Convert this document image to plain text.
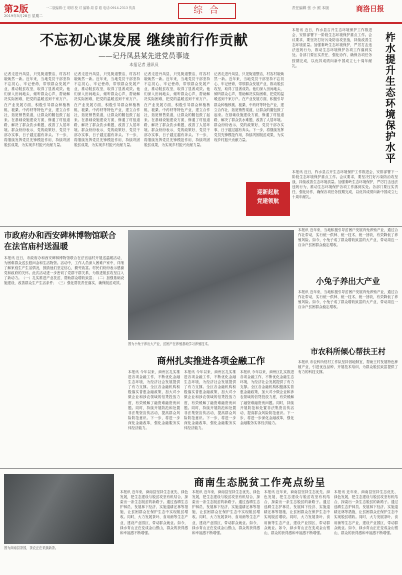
第2版
2019年5月28日 星期二
一二版编辑:王 明明 校 对 编辑:周 春 聪 电话:0914-2313 传真	综 合	责任编辑 张 小 照 本版	商洛日报
不忘初心谋发展 继续前行作贡献
——记丹凤县某先进党员事迹
本报记者 通讯员
记者走进丹凤县，只见街道整洁，村容村貌焕然一新。近年来，当地党员干部坚持不忘初心、牢记使命，带领群众发展产业，推动脱贫攻坚，取得了显著成效。他们深入田间地头，倾听群众心声，帮助解决实际困难，把党的温暖送到千家万户。在产业发展方面，积极引导群众种植核桃、板栗、中药材等特色产业，建立合作社，拓宽销售渠道，让群众的腰包鼓了起来。在基础设施建设方面，修通了村组道路，解决了群众饮水难题，改善了人居环境。群众纷纷表示，党的政策好，党员干部办实事，日子越过越有奔头。下一步，将继续发挥党员先锋模范作用，持续巩固脱贫成果，为实现乡村振兴贡献力量。
记者走进丹凤县，只见街道整洁，村容村貌焕然一新。近年来，当地党员干部坚持不忘初心、牢记使命，带领群众发展产业，推动脱贫攻坚，取得了显著成效。他们深入田间地头，倾听群众心声，帮助解决实际困难，把党的温暖送到千家万户。在产业发展方面，积极引导群众种植核桃、板栗、中药材等特色产业，建立合作社，拓宽销售渠道，让群众的腰包鼓了起来。在基础设施建设方面，修通了村组道路，解决了群众饮水难题，改善了人居环境。群众纷纷表示，党的政策好，党员干部办实事，日子越过越有奔头。下一步，将继续发挥党员先锋模范作用，持续巩固脱贫成果，为实现乡村振兴贡献力量。
记者走进丹凤县，只见街道整洁，村容村貌焕然一新。近年来，当地党员干部坚持不忘初心、牢记使命，带领群众发展产业，推动脱贫攻坚，取得了显著成效。他们深入田间地头，倾听群众心声，帮助解决实际困难，把党的温暖送到千家万户。在产业发展方面，积极引导群众种植核桃、板栗、中药材等特色产业，建立合作社，拓宽销售渠道，让群众的腰包鼓了起来。在基础设施建设方面，修通了村组道路，解决了群众饮水难题，改善了人居环境。群众纷纷表示，党的政策好，党员干部办实事，日子越过越有奔头。下一步，将继续发挥党员先锋模范作用，持续巩固脱贫成果，为实现乡村振兴贡献力量。
记者走进丹凤县，只见街道整洁，村容村貌焕然一新。近年来，当地党员干部坚持不忘初心、牢记使命，带领群众发展产业，推动脱贫攻坚，取得了显著成效。他们深入田间地头，倾听群众心声，帮助解决实际困难，把党的温暖送到千家万户。在产业发展方面，积极引导群众种植核桃、板栗、中药材等特色产业，建立合作社，拓宽销售渠道，让群众的腰包鼓了起来。在基础设施建设方面，修通了村组道路，解决了群众饮水难题，改善了人居环境。群众纷纷表示，党的政策好，党员干部办实事，日子越过越有奔头。下一步，将继续发挥党员先锋模范作用，持续巩固脱贫成果，为实现乡村振兴贡献力量。
迎新起航
党建领航
本报讯 近日，柞水县召开生态环境保护工作推进会，安排部署下一阶段生态环境保护重点工作。会议要求，要坚决打好污染防治攻坚战，持续改善生态环境质量。加强秦岭生态环境保护，严厉打击违法违规行为，推动生态环境保护各项工作落到实处。各部门要压实责任，强化协作，确保各项任务按期完成，以优异成绩向新中国成立七十周年献礼。	柞水提升生态环境保护水平
本报讯 近日，柞水县召开生态环境保护工作推进会，安排部署下一阶段生态环境保护重点工作。会议要求，要坚决打好污染防治攻坚战，持续改善生态环境质量。加强秦岭生态环境保护，严厉打击违法违规行为，推动生态环境保护各项工作落到实处。各部门要压实责任，强化协作，确保各项任务按期完成，以优异成绩向新中国成立七十周年献礼。
市政府办和西安碑林博物馆联合在法官庙村送温暖
本报讯 近日，市政府办和西安碑林博物馆联合在法官庙村开展送温暖活动，为困难群众送去慰问金和生活物资。活动中，工作人员深入困难户家中，详细了解家庭生产生活情况，鼓励他们坚定信心，勤劳致富。村民们纷纷表示感谢党和政府的关怀。此次活动进一步密切了党群干群关系，为推进脱贫攻坚注入了新动力。（一）扎实推进产业扶贫，帮助群众增收致富；（二）加强基础设施建设，改善群众生产生活条件；（三）强化帮扶责任落实，确保脱贫成效。
图为小兔子养出大产业，贫困户在养殖基地学习养殖技术。
本报讯 近年来，当地积极引导贫困户发展肉兔养殖产业，通过合作社带动，实行统一供种、统一技术、统一回收，有效降低了养殖风险。如今，小兔子成了群众增收致富的大产业，带动周边一百余户贫困群众稳定增收。
小兔子养出大产业
本报讯 近年来，当地积极引导贫困户发展肉兔养殖产业，通过合作社带动，实行统一供种、统一技术、统一回收，有效降低了养殖风险。如今，小兔子成了群众增收致富的大产业，带动周边一百余户贫困群众稳定增收。
市农科所倾心帮扶王村
本报讯 市农科所驻村工作队坚持因地制宜，帮助王村发展特色种植产业，引进优良品种，开展技术培训，为群众脱贫致富提供了有力的科技支撑。
商州扎实推进各项金融工作
本报讯 今年以来，商州区扎实推进各项金融工作，不断优化金融生态环境，为经济社会发展提供了有力支撑。全区各金融机构积极落实普惠金融政策，加大对小微企业和涉农领域的信贷投放力度，有效缓解了融资难融资贵问题。同时，持续开展防范和处置非法集资宣传活动，提高群众风险防范意识。下一步，将进一步深化金融改革，强化金融服务实体经济能力。
本报讯 今年以来，商州区扎实推进各项金融工作，不断优化金融生态环境，为经济社会发展提供了有力支撑。全区各金融机构积极落实普惠金融政策，加大对小微企业和涉农领域的信贷投放力度，有效缓解了融资难融资贵问题。同时，持续开展防范和处置非法集资宣传活动，提高群众风险防范意识。下一步，将进一步深化金融改革，强化金融服务实体经济能力。
本报讯 今年以来，商州区扎实推进各项金融工作，不断优化金融生态环境，为经济社会发展提供了有力支撑。全区各金融机构积极落实普惠金融政策，加大对小微企业和涉农领域的信贷投放力度，有效缓解了融资难融资贵问题。同时，持续开展防范和处置非法集资宣传活动，提高群众风险防范意识。下一步，将进一步深化金融改革，强化金融服务实体经济能力。
商南生态脱贫工作亮点纷呈
图为商南县茶园，茶农正在采摘新茶。
本报讯 近年来，商南县坚持生态优先、绿色发展，把生态建设与脱贫攻坚有机结合，探索出一条生态脱贫的新路子。通过选聘生态护林员、发展林下经济、实施退耕还林等措施，让贫困群众在保护生态中实现脱贫增收。同时，大力发展茶叶、食用菌等生态产业，建设产业园区，带动群众就业。如今，绿水青山正在变成金山银山，群众的获得感和幸福感不断增强。
本报讯 近年来，商南县坚持生态优先、绿色发展，把生态建设与脱贫攻坚有机结合，探索出一条生态脱贫的新路子。通过选聘生态护林员、发展林下经济、实施退耕还林等措施，让贫困群众在保护生态中实现脱贫增收。同时，大力发展茶叶、食用菌等生态产业，建设产业园区，带动群众就业。如今，绿水青山正在变成金山银山，群众的获得感和幸福感不断增强。
本报讯 近年来，商南县坚持生态优先、绿色发展，把生态建设与脱贫攻坚有机结合，探索出一条生态脱贫的新路子。通过选聘生态护林员、发展林下经济、实施退耕还林等措施，让贫困群众在保护生态中实现脱贫增收。同时，大力发展茶叶、食用菌等生态产业，建设产业园区，带动群众就业。如今，绿水青山正在变成金山银山，群众的获得感和幸福感不断增强。
本报讯 近年来，商南县坚持生态优先、绿色发展，把生态建设与脱贫攻坚有机结合，探索出一条生态脱贫的新路子。通过选聘生态护林员、发展林下经济、实施退耕还林等措施，让贫困群众在保护生态中实现脱贫增收。同时，大力发展茶叶、食用菌等生态产业，建设产业园区，带动群众就业。如今，绿水青山正在变成金山银山，群众的获得感和幸福感不断增强。
